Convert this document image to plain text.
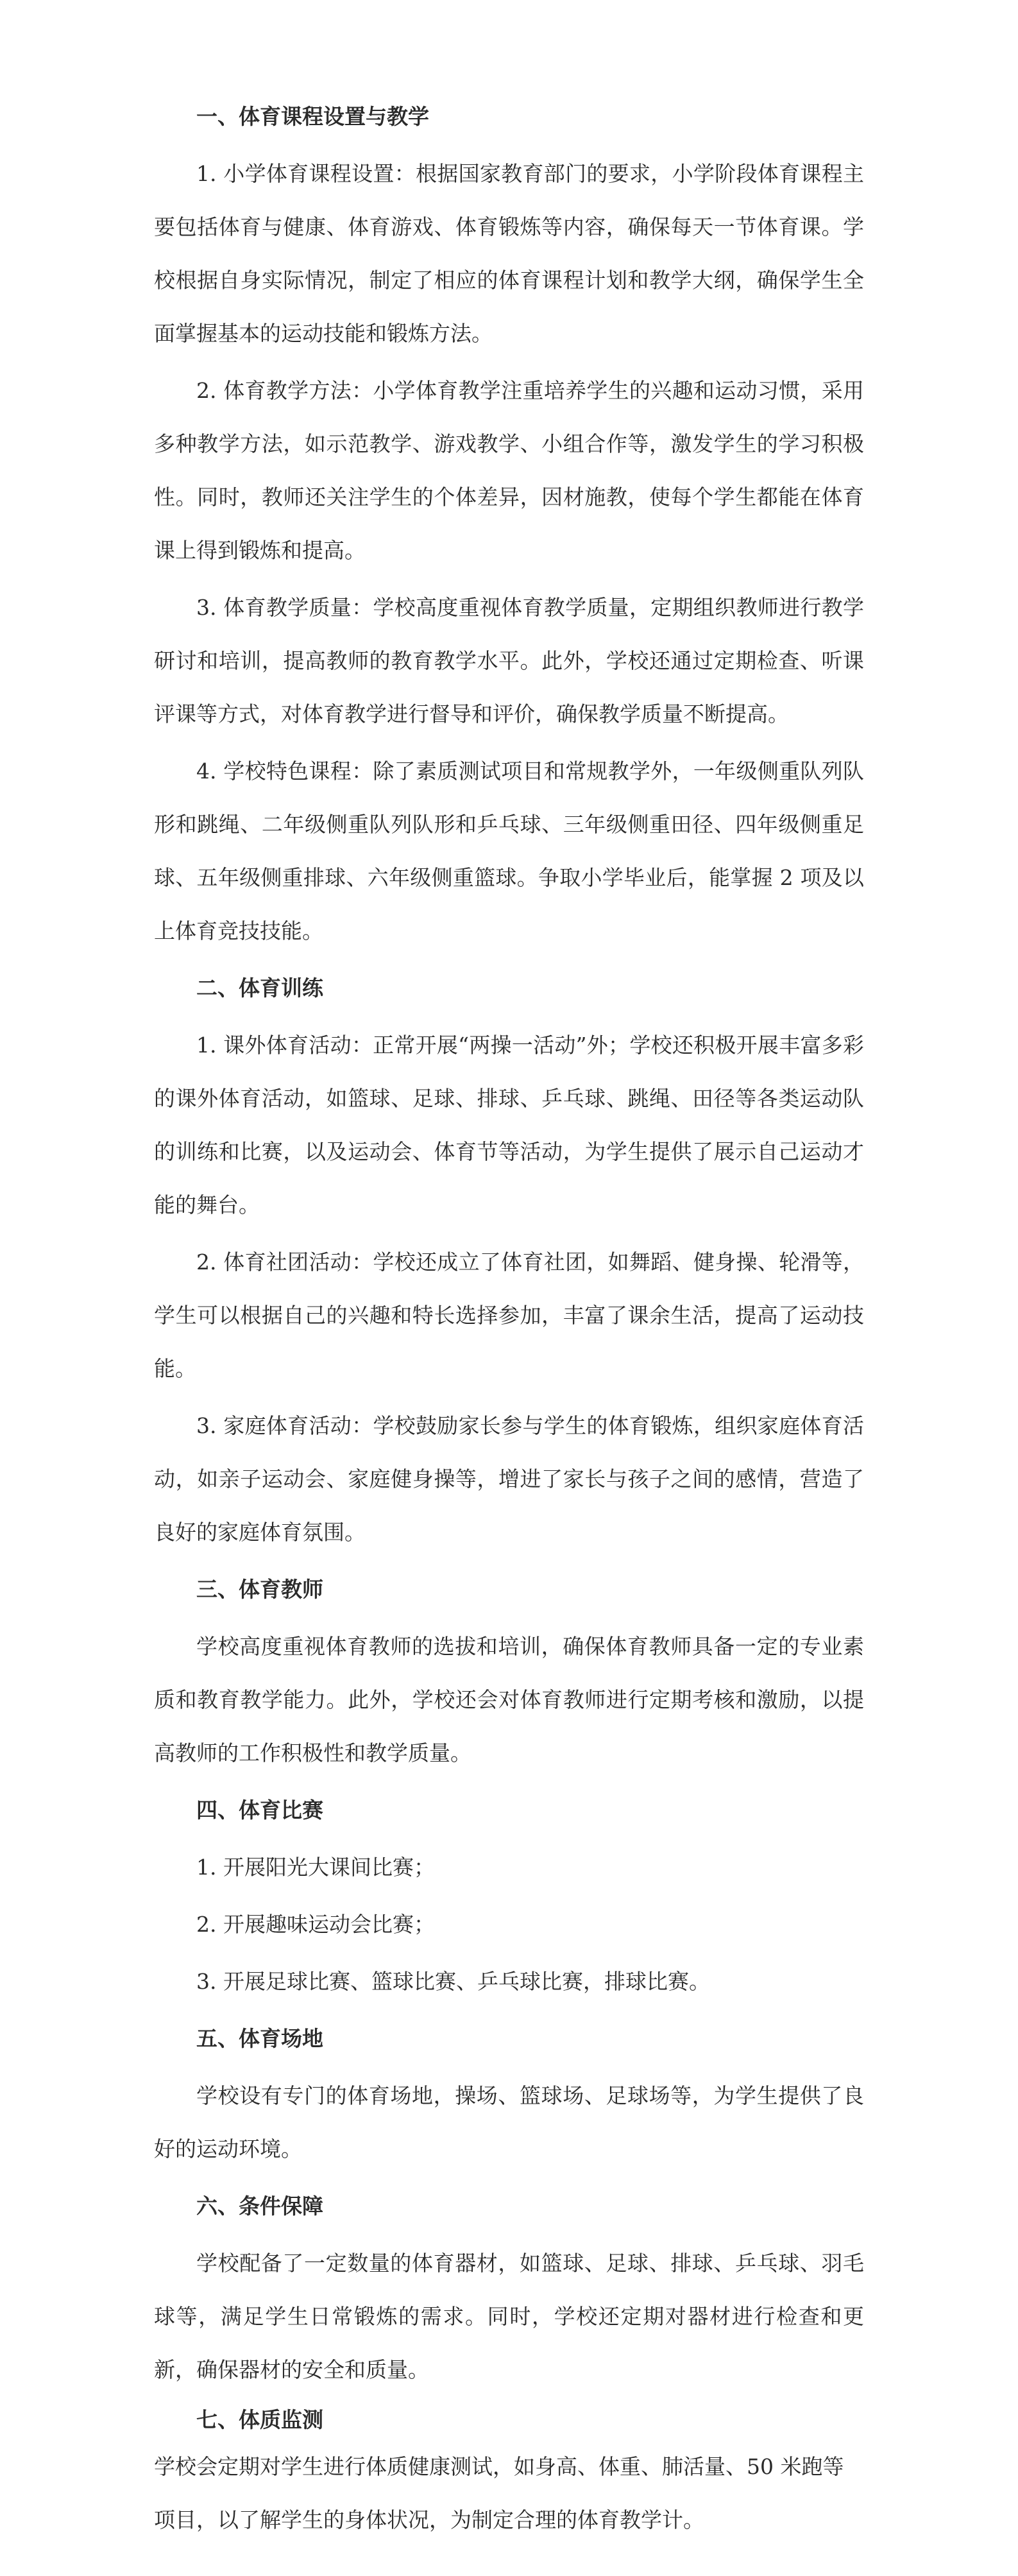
一、体育课程设置与教学

1. 小学体育课程设置：根据国家教育部门的要求，小学阶段体育课程主要包括体育与健康、体育游戏、体育锻炼等内容，确保每天一节体育课。学校根据自身实际情况，制定了相应的体育课程计划和教学大纲，确保学生全面掌握基本的运动技能和锻炼方法。

2. 体育教学方法：小学体育教学注重培养学生的兴趣和运动习惯，采用多种教学方法，如示范教学、游戏教学、小组合作等，激发学生的学习积极性。同时，教师还关注学生的个体差异，因材施教，使每个学生都能在体育课上得到锻炼和提高。

3. 体育教学质量：学校高度重视体育教学质量，定期组织教师进行教学研讨和培训，提高教师的教育教学水平。此外，学校还通过定期检查、听课评课等方式，对体育教学进行督导和评价，确保教学质量不断提高。

4. 学校特色课程：除了素质测试项目和常规教学外，一年级侧重队列队形和跳绳、二年级侧重队列队形和乒乓球、三年级侧重田径、四年级侧重足球、五年级侧重排球、六年级侧重篮球。争取小学毕业后，能掌握 2 项及以上体育竞技技能。

二、体育训练

1. 课外体育活动：正常开展“两操一活动”外；学校还积极开展丰富多彩的课外体育活动，如篮球、足球、排球、乒乓球、跳绳、田径等各类运动队的训练和比赛，以及运动会、体育节等活动，为学生提供了展示自己运动才能的舞台。

2. 体育社团活动：学校还成立了体育社团，如舞蹈、健身操、轮滑等，学生可以根据自己的兴趣和特长选择参加，丰富了课余生活，提高了运动技能。

3. 家庭体育活动：学校鼓励家长参与学生的体育锻炼，组织家庭体育活动，如亲子运动会、家庭健身操等，增进了家长与孩子之间的感情，营造了良好的家庭体育氛围。

三、体育教师

学校高度重视体育教师的选拔和培训，确保体育教师具备一定的专业素质和教育教学能力。此外，学校还会对体育教师进行定期考核和激励，以提高教师的工作积极性和教学质量。

四、体育比赛

1. 开展阳光大课间比赛；

2. 开展趣味运动会比赛；

3. 开展足球比赛、篮球比赛、乒乓球比赛，排球比赛。

五、体育场地

学校设有专门的体育场地，操场、篮球场、足球场等，为学生提供了良好的运动环境。

六、条件保障

学校配备了一定数量的体育器材，如篮球、足球、排球、乒乓球、羽毛球等，满足学生日常锻炼的需求。同时，学校还定期对器材进行检查和更新，确保器材的安全和质量。

七、体质监测

学校会定期对学生进行体质健康测试，如身高、体重、肺活量、50 米跑等项目，以了解学生的身体状况，为制定合理的体育教学计。
